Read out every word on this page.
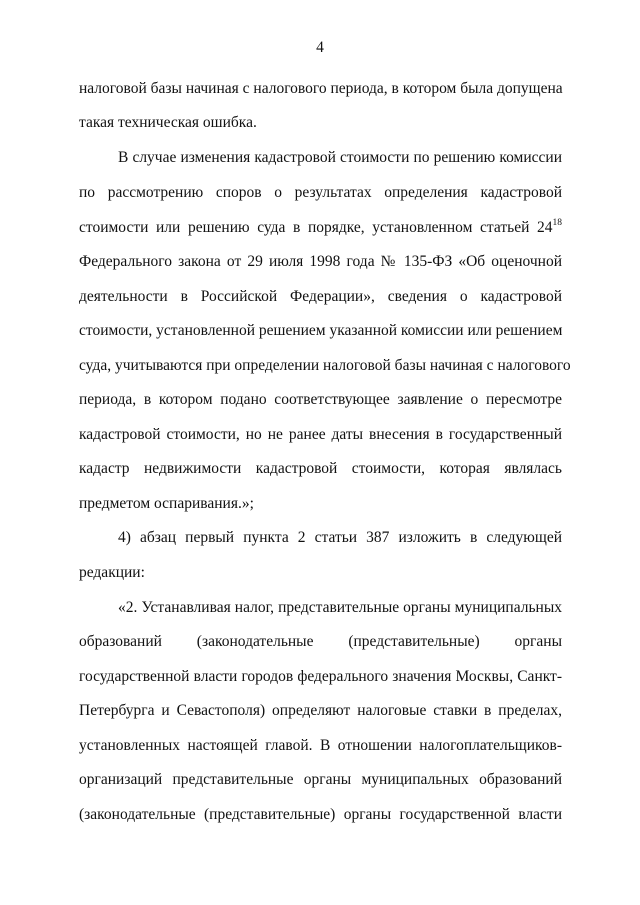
4
налоговой базы начиная с налогового периода, в котором была допущена
такая техническая ошибка.
В случае изменения кадастровой стоимости по решению комиссии
по рассмотрению споров о результатах определения кадастровой
стоимости или решению суда в порядке, установленном статьей 24$^{18}$
Федерального закона от 29 июля 1998 года № 135-ФЗ «Об оценочной
деятельности в Российской Федерации», сведения о кадастровой
стоимости, установленной решением указанной комиссии или решением
суда, учитываются при определении налоговой базы начиная с налогового
периода, в котором подано соответствующее заявление о пересмотре
кадастровой стоимости, но не ранее даты внесения в государственный
кадастр недвижимости кадастровой стоимости, которая являлась
предметом оспаривания.»;
4) абзац первый пункта 2 статьи 387 изложить в следующей
редакции:
«2. Устанавливая налог, представительные органы муниципальных
образований (законодательные (представительные) органы
государственной власти городов федерального значения Москвы, Санкт-
Петербурга и Севастополя) определяют налоговые ставки в пределах,
установленных настоящей главой. В отношении налогоплательщиков-
организаций представительные органы муниципальных образований
(законодательные (представительные) органы государственной власти
